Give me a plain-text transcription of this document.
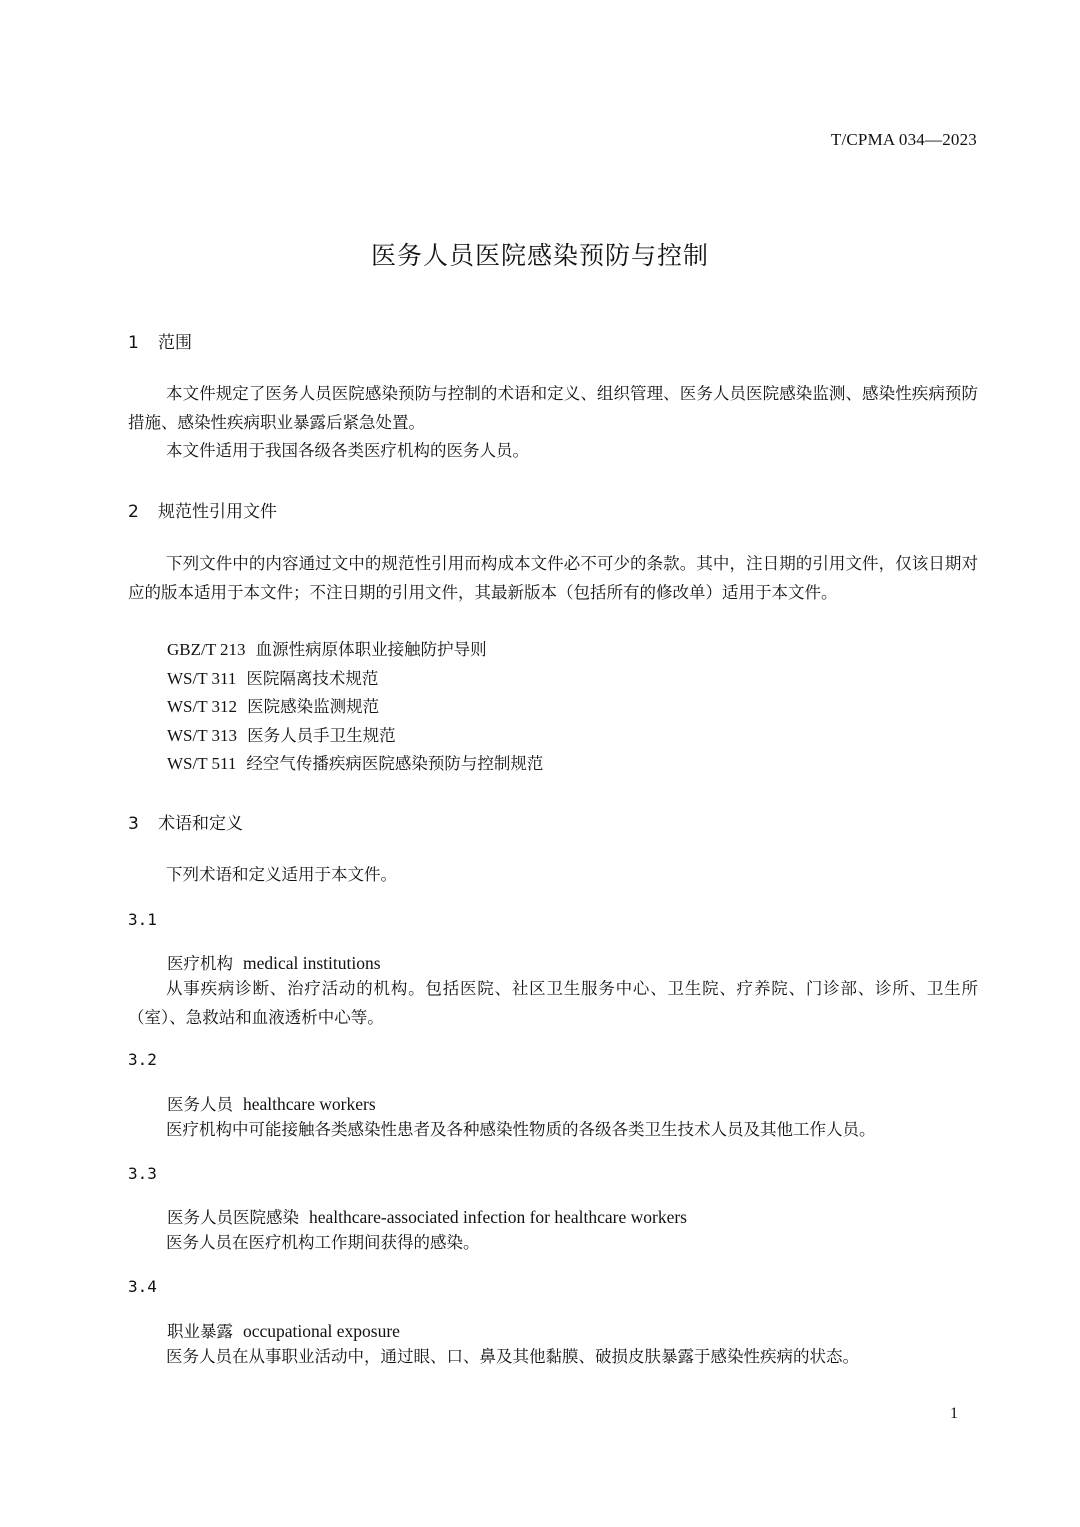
T/CPMA 034—2023
医务人员医院感染预防与控制
1 范围

本文件规定了医务人员医院感染预防与控制的术语和定义、组织管理、医务人员医院感染监测、感染性疾病预防措施、感染性疾病职业暴露后紧急处置。

本文件适用于我国各级各类医疗机构的医务人员。

2 规范性引用文件

下列文件中的内容通过文中的规范性引用而构成本文件必不可少的条款。其中，注日期的引用文件，仅该日期对应的版本适用于本文件；不注日期的引用文件，其最新版本（包括所有的修改单）适用于本文件。

GBZ/T 213 血源性病原体职业接触防护导则
WS/T 311 医院隔离技术规范
WS/T 312 医院感染监测规范
WS/T 313 医务人员手卫生规范
WS/T 511 经空气传播疾病医院感染预防与控制规范
3 术语和定义

下列术语和定义适用于本文件。

3.1
医疗机构 medical institutions

从事疾病诊断、治疗活动的机构。包括医院、社区卫生服务中心、卫生院、疗养院、门诊部、诊所、卫生所（室）、急救站和血液透析中心等。

3.2
医务人员 healthcare workers

医疗机构中可能接触各类感染性患者及各种感染性物质的各级各类卫生技术人员及其他工作人员。

3.3
医务人员医院感染 healthcare-associated infection for healthcare workers

医务人员在医疗机构工作期间获得的感染。

3.4
职业暴露 occupational exposure

医务人员在从事职业活动中，通过眼、口、鼻及其他黏膜、破损皮肤暴露于感染性疾病的状态。

1
